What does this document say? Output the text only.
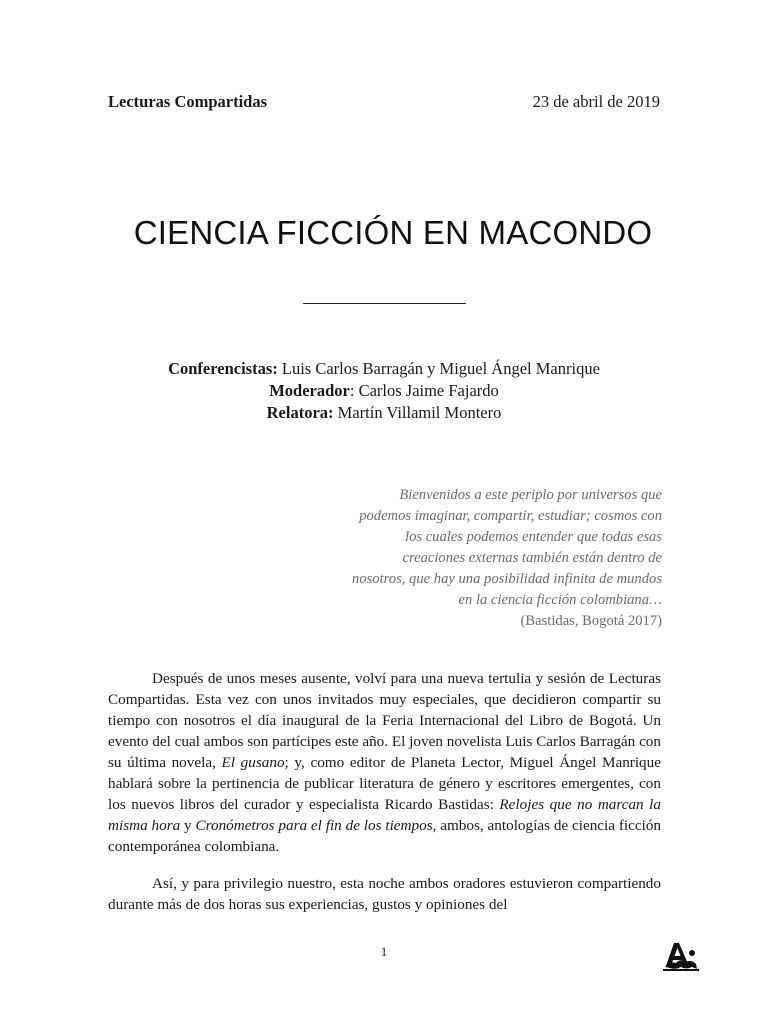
Lecturas Compartidas	23 de abril de 2019
CIENCIA FICCIÓN EN MACONDO
Conferencistas: Luis Carlos Barragán y Miguel Ángel Manrique
Moderador: Carlos Jaime Fajardo
Relatora: Martín Villamil Montero
Bienvenidos a este periplo por universos que
podemos imaginar, compartir, estudiar; cosmos con
los cuales podemos entender que todas esas
creaciones externas también están dentro de
nosotros, que hay una posibilidad infinita de mundos
en la ciencia ficción colombiana…
(Bastidas, Bogotá 2017)

Después de unos meses ausente, volví para una nueva tertulia y sesión de Lecturas Compartidas. Esta vez con unos invitados muy especiales, que decidieron compartir su tiempo con nosotros el día inaugural de la Feria Internacional del Libro de Bogotá. Un evento del cual ambos son partícipes este año. El joven novelista Luis Carlos Barragán con su última novela, El gusano; y, como editor de Planeta Lector, Miguel Ángel Manrique hablará sobre la pertinencia de publicar literatura de género y escritores emergentes, con los nuevos libros del curador y especialista Ricardo Bastidas: Relojes que no marcan la misma hora y Cronómetros para el fin de los tiempos, ambos, antologías de ciencia ficción contemporánea colombiana.

Así, y para privilegio nuestro, esta noche ambos oradores estuvieron compartiendo durante más de dos horas sus experiencias, gustos y opiniones del

1
